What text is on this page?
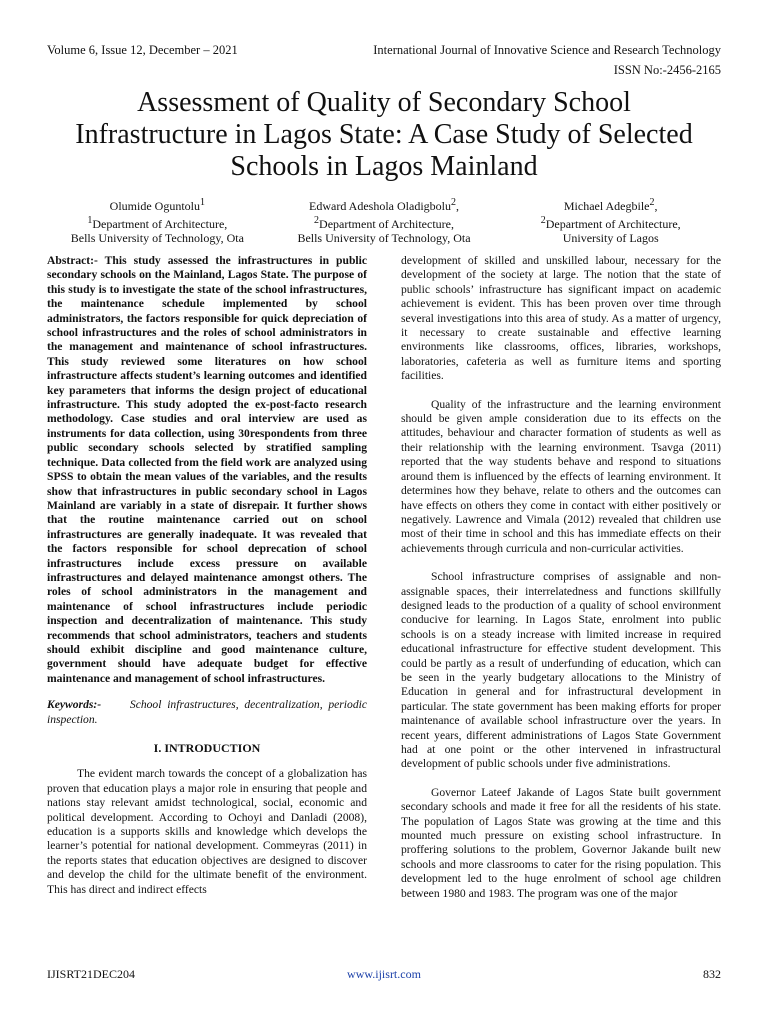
Volume 6, Issue 12, December – 2021	International Journal of Innovative Science and Research Technology
ISSN No:-2456-2165
Assessment of Quality of Secondary School Infrastructure in Lagos State: A Case Study of Selected Schools in Lagos Mainland
Olumide Oguntolu$^1$
$^1$Department of Architecture,
Bells University of Technology, Ota
Edward Adeshola Oladigbolu$^2$,
$^2$Department of Architecture,
Bells University of Technology, Ota
Michael Adegbile$^2$,
$^2$Department of Architecture,
University of Lagos

Abstract:- This study assessed the infrastructures in public secondary schools on the Mainland, Lagos State. The purpose of this study is to investigate the state of the school infrastructures, the maintenance schedule implemented by school administrators, the factors responsible for quick depreciation of school infrastructures and the roles of school administrators in the management and maintenance of school infrastructures. This study reviewed some literatures on how school infrastructure affects student’s learning outcomes and identified key parameters that informs the design project of educational infrastructure. This study adopted the ex-post-facto research methodology. Case studies and oral interview are used as instruments for data collection, using 30respondents from three public secondary schools selected by stratified sampling technique. Data collected from the field work are analyzed using SPSS to obtain the mean values of the variables, and the results show that infrastructures in public secondary school in Lagos Mainland are variably in a state of disrepair. It further shows that the routine maintenance carried out on school infrastructures are generally inadequate. It was revealed that the factors responsible for school deprecation of school infrastructures include excess pressure on available infrastructures and delayed maintenance amongst others. The roles of school administrators in the management and maintenance of school infrastructures include periodic inspection and decentralization of maintenance. This study recommends that school administrators, teachers and students should exhibit discipline and good maintenance culture, government should have adequate budget for effective maintenance and management of school infrastructures.

Keywords:- School infrastructures, decentralization, periodic inspection.

I. INTRODUCTION

The evident march towards the concept of a globalization has proven that education plays a major role in ensuring that people and nations stay relevant amidst technological, social, economic and political development. According to Ochoyi and Danladi (2008), education is a supports skills and knowledge which develops the learner’s potential for national development. Commeyras (2011) in the reports states that education objectives are designed to discover and develop the child for the ultimate benefit of the environment. This has direct and indirect effects

development of skilled and unskilled labour, necessary for the development of the society at large. The notion that the state of public schools’ infrastructure has significant impact on academic achievement is evident. This has been proven over time through several investigations into this area of study. As a matter of urgency, it necessary to create sustainable and effective learning environments like classrooms, offices, libraries, workshops, laboratories, cafeteria as well as furniture items and sporting facilities.

Quality of the infrastructure and the learning environment should be given ample consideration due to its effects on the attitudes, behaviour and character formation of students as well as their relationship with the learning environment. Tsavga (2011) reported that the way students behave and respond to situations around them is influenced by the effects of learning environment. It determines how they behave, relate to others and the outcomes can have effects on others they come in contact with either positively or negatively. Lawrence and Vimala (2012) revealed that children use most of their time in school and this has immediate effects on their achievements through curricula and non-curricular activities.

School infrastructure comprises of assignable and non-assignable spaces, their interrelatedness and functions skillfully designed leads to the production of a quality of school environment conducive for learning. In Lagos State, enrolment into public schools is on a steady increase with limited increase in required educational infrastructure for effective student development. This could be partly as a result of underfunding of education, which can be seen in the yearly budgetary allocations to the Ministry of Education in general and for infrastructural development in particular. The state government has been making efforts for proper maintenance of available school infrastructure over the years. In recent years, different administrations of Lagos State Government had at one point or the other intervened in infrastructural development of public schools under five administrations.

Governor Lateef Jakande of Lagos State built government secondary schools and made it free for all the residents of his state. The population of Lagos State was growing at the time and this mounted much pressure on existing school infrastructure. In proffering solutions to the problem, Governor Jakande built new schools and more classrooms to cater for the rising population. This development led to the huge enrolment of school age children between 1980 and 1983. The program was one of the major

IJISRT21DEC204	www.ijisrt.com	832
